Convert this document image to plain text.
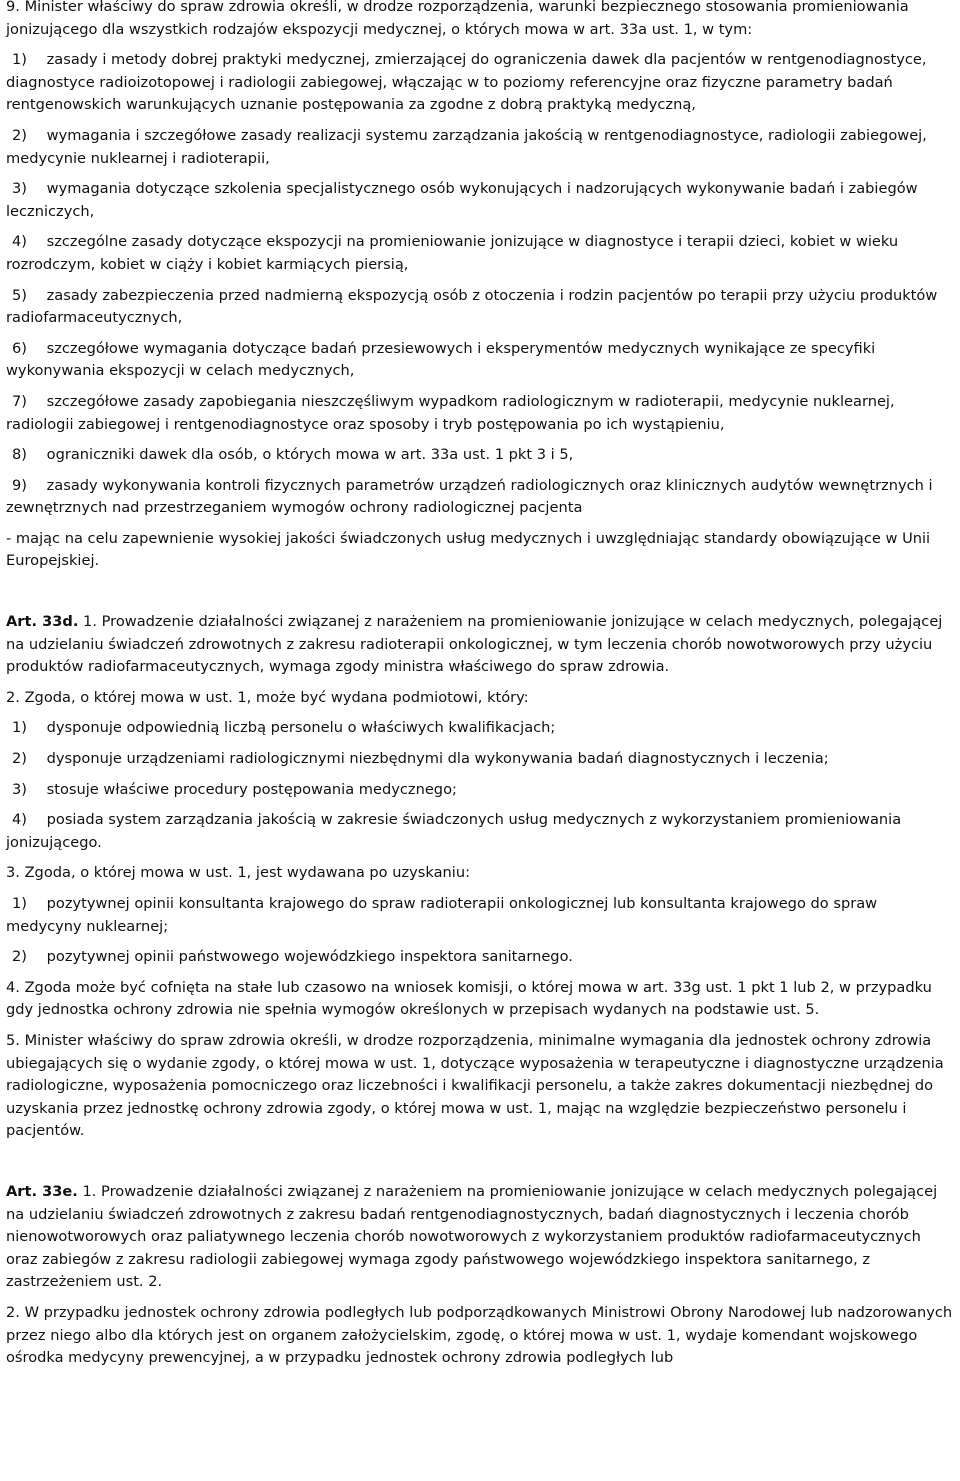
9. Minister właściwy do spraw zdrowia określi, w drodze rozporządzenia, warunki bezpiecznego stosowania promieniowania jonizującego dla wszystkich rodzajów ekspozycji medycznej, o których mowa w art. 33a ust. 1, w tym:

1) zasady i metody dobrej praktyki medycznej, zmierzającej do ograniczenia dawek dla pacjentów w rentgenodiagnostyce, diagnostyce radioizotopowej i radiologii zabiegowej, włączając w to poziomy referencyjne oraz fizyczne parametry badań rentgenowskich warunkujących uznanie postępowania za zgodne z dobrą praktyką medyczną,

2) wymagania i szczegółowe zasady realizacji systemu zarządzania jakością w rentgenodiagnostyce, radiologii zabiegowej, medycynie nuklearnej i radioterapii,

3) wymagania dotyczące szkolenia specjalistycznego osób wykonujących i nadzorujących wykonywanie badań i zabiegów leczniczych,

4) szczególne zasady dotyczące ekspozycji na promieniowanie jonizujące w diagnostyce i terapii dzieci, kobiet w wieku rozrodczym, kobiet w ciąży i kobiet karmiących piersią,

5) zasady zabezpieczenia przed nadmierną ekspozycją osób z otoczenia i rodzin pacjentów po terapii przy użyciu produktów radiofarmaceutycznych,

6) szczegółowe wymagania dotyczące badań przesiewowych i eksperymentów medycznych wynikające ze specyfiki wykonywania ekspozycji w celach medycznych,

7) szczegółowe zasady zapobiegania nieszczęśliwym wypadkom radiologicznym w radioterapii, medycynie nuklearnej, radiologii zabiegowej i rentgenodiagnostyce oraz sposoby i tryb postępowania po ich wystąpieniu,

8) ograniczniki dawek dla osób, o których mowa w art. 33a ust. 1 pkt 3 i 5,

9) zasady wykonywania kontroli fizycznych parametrów urządzeń radiologicznych oraz klinicznych audytów wewnętrznych i zewnętrznych nad przestrzeganiem wymogów ochrony radiologicznej pacjenta

- mając na celu zapewnienie wysokiej jakości świadczonych usług medycznych i uwzględniając standardy obowiązujące w Unii Europejskiej.

Art. 33d. 1. Prowadzenie działalności związanej z narażeniem na promieniowanie jonizujące w celach medycznych, polegającej na udzielaniu świadczeń zdrowotnych z zakresu radioterapii onkologicznej, w tym leczenia chorób nowotworowych przy użyciu produktów radiofarmaceutycznych, wymaga zgody ministra właściwego do spraw zdrowia.

2. Zgoda, o której mowa w ust. 1, może być wydana podmiotowi, który:

1) dysponuje odpowiednią liczbą personelu o właściwych kwalifikacjach;

2) dysponuje urządzeniami radiologicznymi niezbędnymi dla wykonywania badań diagnostycznych i leczenia;

3) stosuje właściwe procedury postępowania medycznego;

4) posiada system zarządzania jakością w zakresie świadczonych usług medycznych z wykorzystaniem promieniowania jonizującego.

3. Zgoda, o której mowa w ust. 1, jest wydawana po uzyskaniu:

1) pozytywnej opinii konsultanta krajowego do spraw radioterapii onkologicznej lub konsultanta krajowego do spraw medycyny nuklearnej;

2) pozytywnej opinii państwowego wojewódzkiego inspektora sanitarnego.

4. Zgoda może być cofnięta na stałe lub czasowo na wniosek komisji, o której mowa w art. 33g ust. 1 pkt 1 lub 2, w przypadku gdy jednostka ochrony zdrowia nie spełnia wymogów określonych w przepisach wydanych na podstawie ust. 5.

5. Minister właściwy do spraw zdrowia określi, w drodze rozporządzenia, minimalne wymagania dla jednostek ochrony zdrowia ubiegających się o wydanie zgody, o której mowa w ust. 1, dotyczące wyposażenia w terapeutyczne i diagnostyczne urządzenia radiologiczne, wyposażenia pomocniczego oraz liczebności i kwalifikacji personelu, a także zakres dokumentacji niezbędnej do uzyskania przez jednostkę ochrony zdrowia zgody, o której mowa w ust. 1, mając na względzie bezpieczeństwo personelu i pacjentów.

Art. 33e. 1. Prowadzenie działalności związanej z narażeniem na promieniowanie jonizujące w celach medycznych polegającej na udzielaniu świadczeń zdrowotnych z zakresu badań rentgenodiagnostycznych, badań diagnostycznych i leczenia chorób nienowotworowych oraz paliatywnego leczenia chorób nowotworowych z wykorzystaniem produktów radiofarmaceutycznych oraz zabiegów z zakresu radiologii zabiegowej wymaga zgody państwowego wojewódzkiego inspektora sanitarnego, z zastrzeżeniem ust. 2.

2. W przypadku jednostek ochrony zdrowia podległych lub podporządkowanych Ministrowi Obrony Narodowej lub nadzorowanych przez niego albo dla których jest on organem założycielskim, zgodę, o której mowa w ust. 1, wydaje komendant wojskowego ośrodka medycyny prewencyjnej, a w przypadku jednostek ochrony zdrowia podległych lub
